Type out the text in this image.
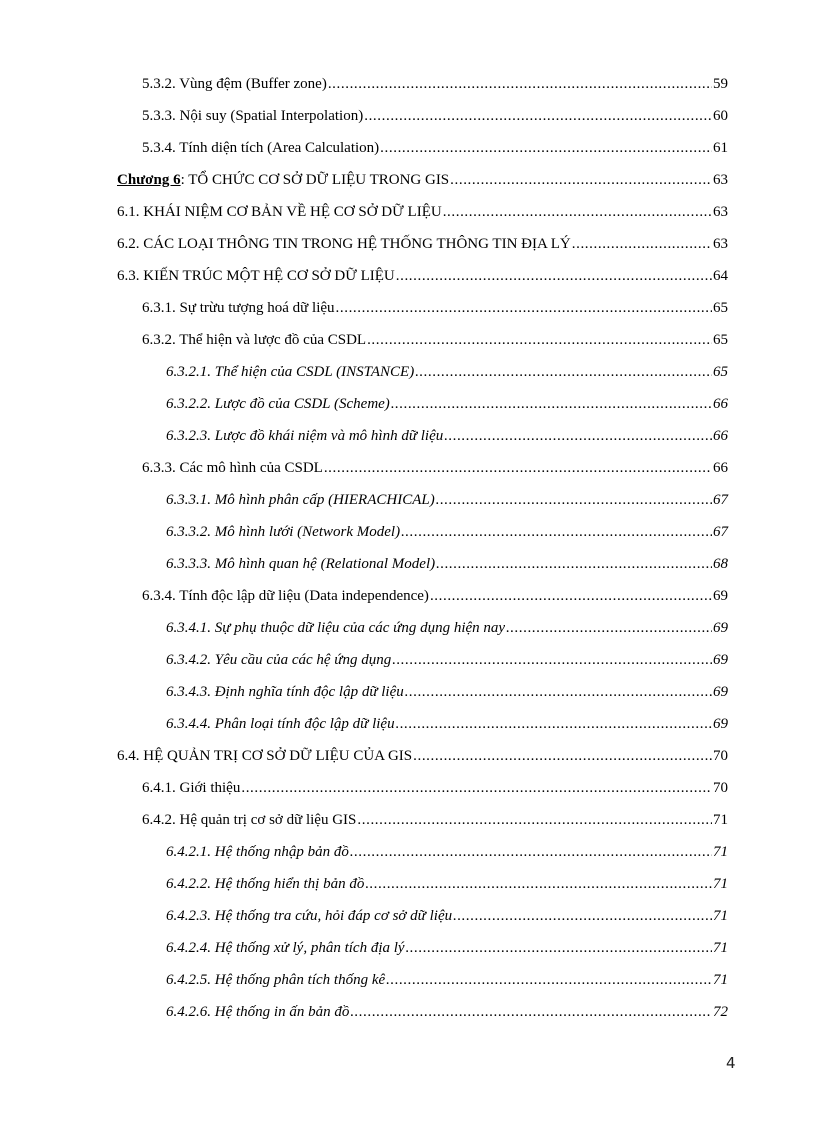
5.3.2. Vùng đệm (Buffer zone) .....	59
5.3.3. Nội suy (Spatial Interpolation) .....	60
5.3.4. Tính diện tích (Area Calculation) .....	61
Chương 6: TỔ CHỨC CƠ SỞ DỮ LIỆU TRONG GIS .....	63
6.1. KHÁI NIỆM CƠ BẢN VỀ HỆ CƠ SỞ DỮ LIỆU .....	63
6.2. CÁC LOẠI THÔNG TIN TRONG HỆ THỐNG THÔNG TIN ĐỊA LÝ .....	63
6.3. KIẾN TRÚC MỘT HỆ CƠ SỞ DỮ LIỆU .....	64
6.3.1. Sự trừu tượng hoá dữ liệu .....	65
6.3.2. Thể hiện và lược đồ của CSDL .....	65
6.3.2.1. Thể hiện của CSDL (INSTANCE) .....	65
6.3.2.2. Lược đồ của CSDL (Scheme) .....	66
6.3.2.3. Lược đồ khái niệm và mô hình dữ liệu .....	66
6.3.3. Các mô hình của CSDL .....	66
6.3.3.1. Mô hình phân cấp (HIERACHICAL) .....	67
6.3.3.2. Mô hình lưới (Network Model) .....	67
6.3.3.3. Mô hình quan hệ (Relational Model) .....	68
6.3.4. Tính độc lập dữ liệu (Data independence) .....	69
6.3.4.1. Sự phụ thuộc dữ liệu của các ứng dụng hiện nay .....	69
6.3.4.2. Yêu cầu của các hệ ứng dụng .....	69
6.3.4.3. Định nghĩa tính độc lập dữ liệu .....	69
6.3.4.4. Phân loại tính độc lập dữ liệu .....	69
6.4. HỆ QUẢN TRỊ CƠ SỞ DỮ LIỆU CỦA GIS .....	70
6.4.1. Giới thiệu .....	70
6.4.2. Hệ quản trị cơ sở dữ liệu GIS .....	71
6.4.2.1. Hệ thống nhập bản đồ .....	71
6.4.2.2. Hệ thống hiển thị bản đồ .....	71
6.4.2.3. Hệ thống tra cứu, hỏi đáp cơ sở dữ liệu .....	71
6.4.2.4. Hệ thống xử lý, phân tích địa lý .....	71
6.4.2.5. Hệ thống phân tích thống kê .....	71
6.4.2.6. Hệ thống in ấn bản đồ .....	72
4
